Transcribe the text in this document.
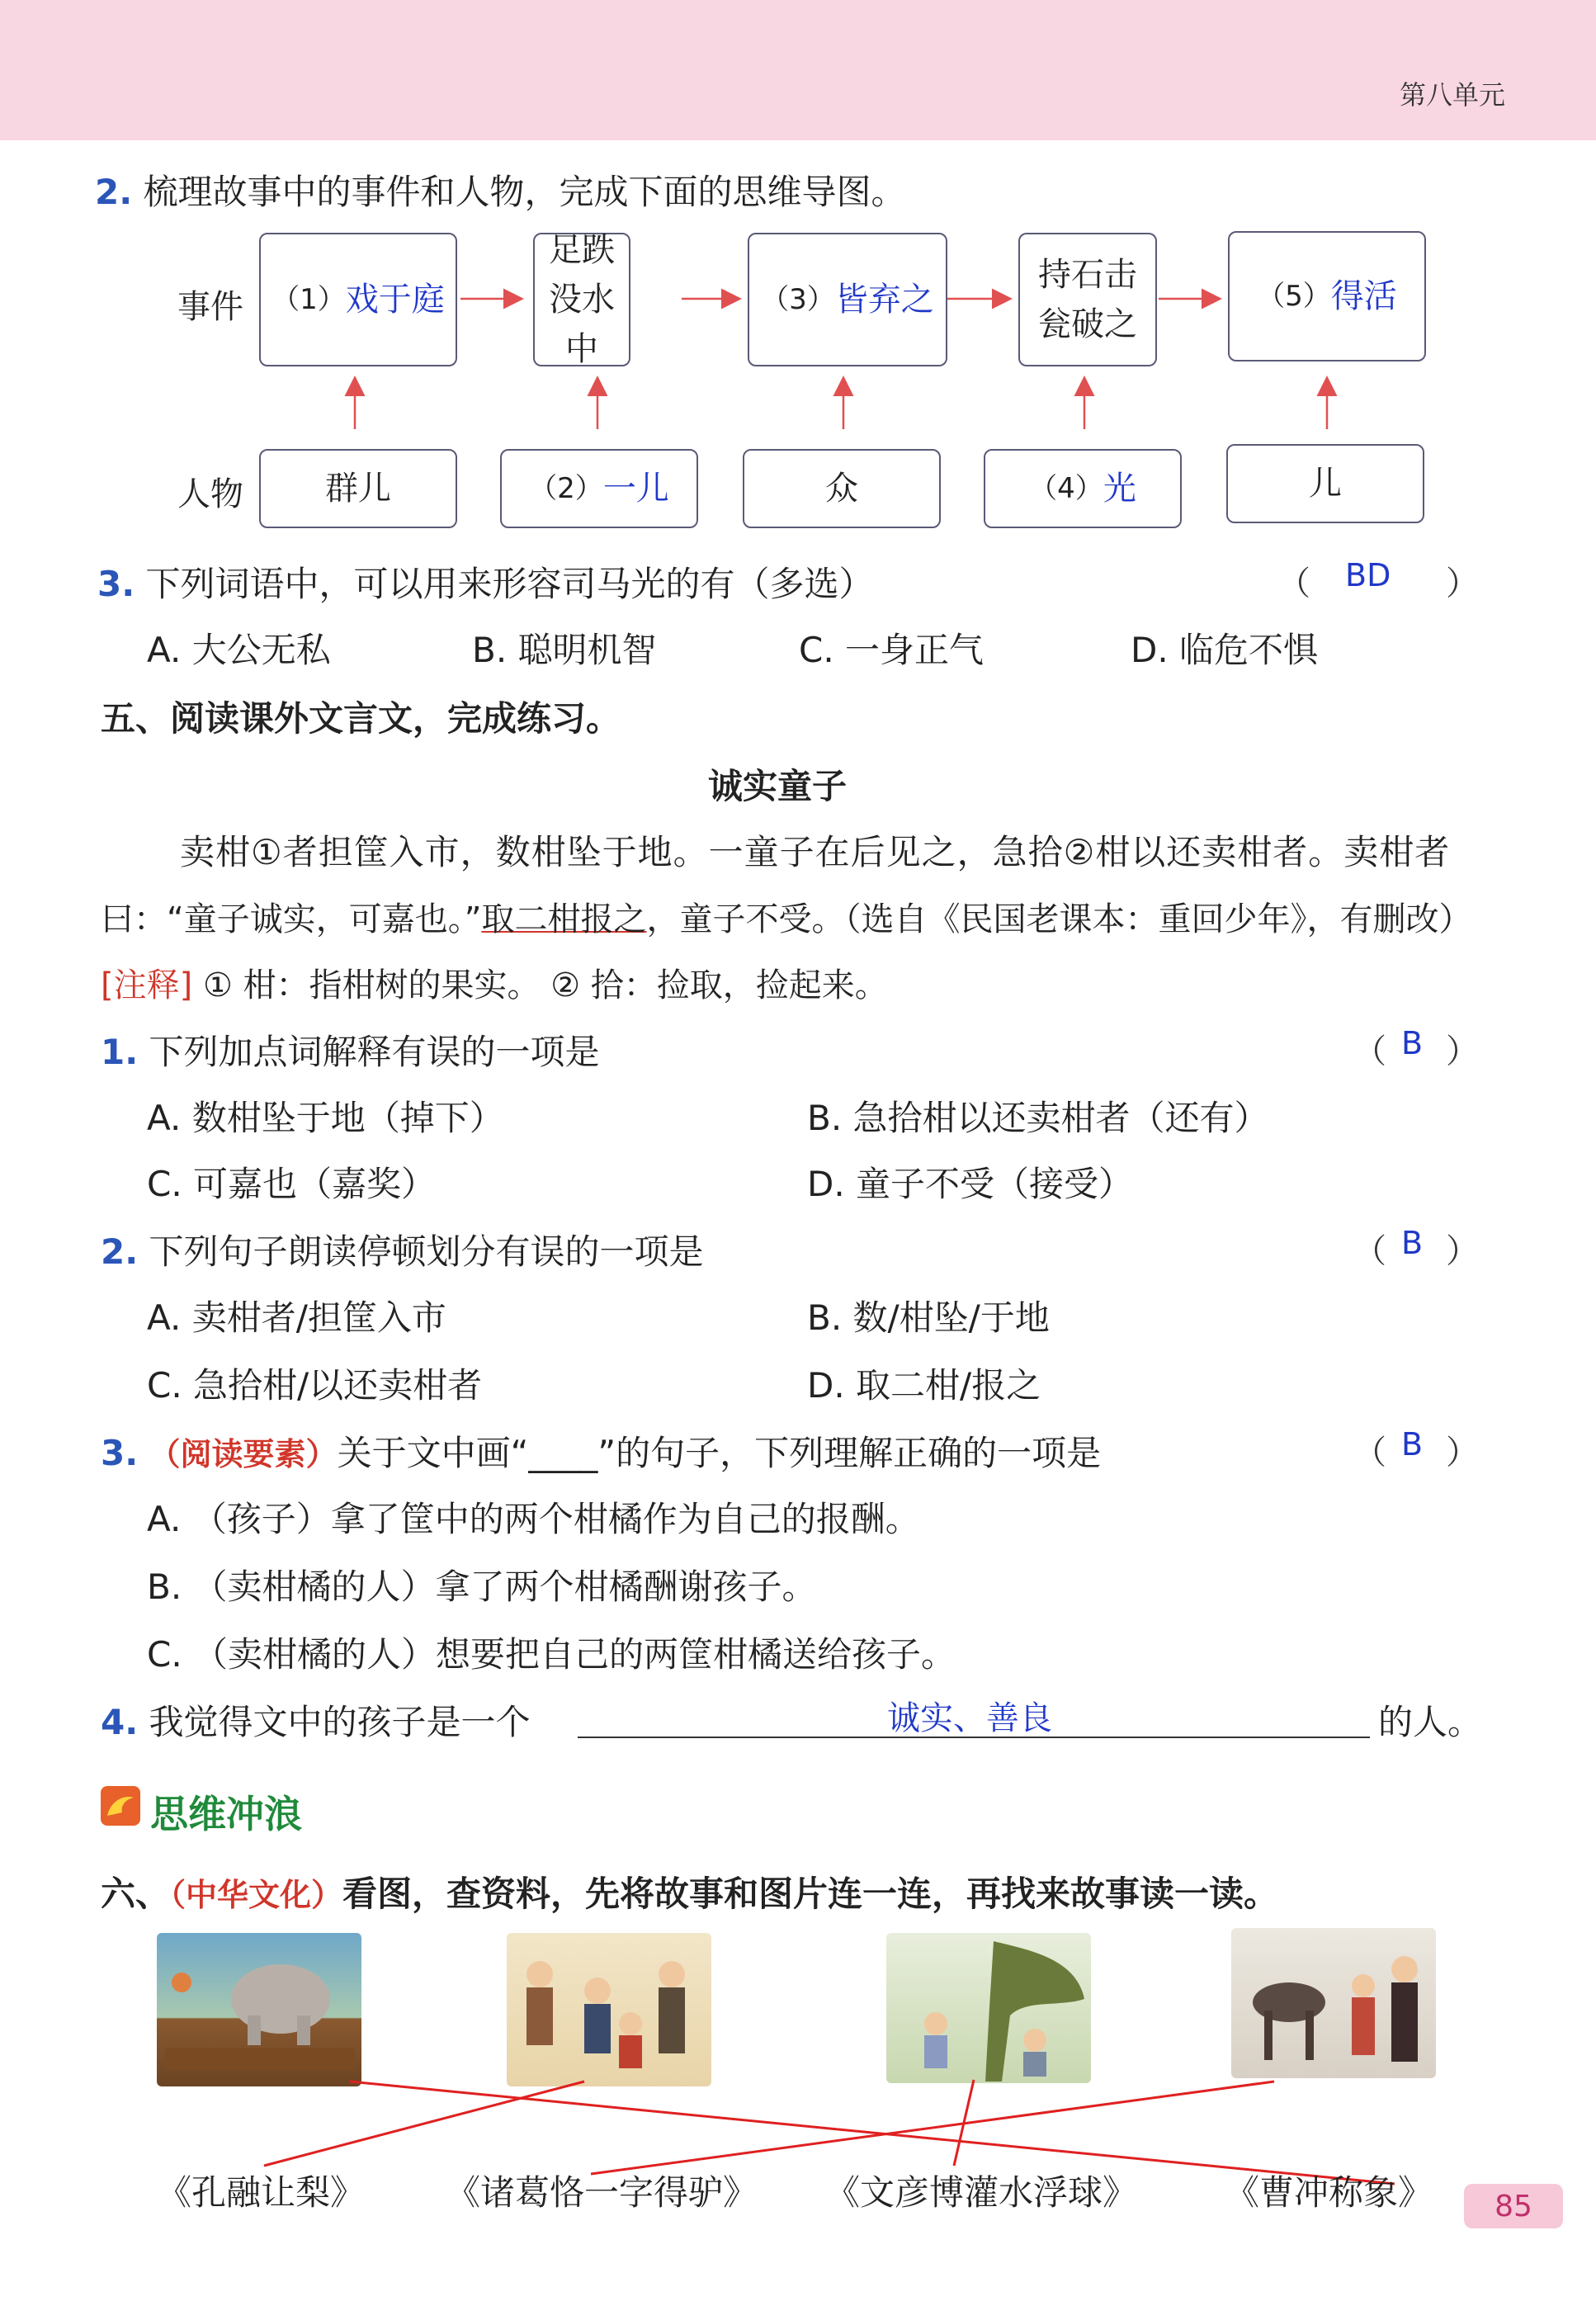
第八单元
2. 梳理故事中的事件和人物，完成下面的思维导图。
事件
人物
（1） 戏于庭
足跌
没水中
（3） 皆弃之
持石击
瓮破之
（5） 得活
群儿	（2） 一儿	众	（4） 光	儿
3. 下列词语中，可以用来形容司马光的有（多选）	（ BD ）
A. 大公无私	B. 聪明机智	C. 一身正气	D. 临危不惧
五、阅读课外文言文，完成练习。
诚实童子
卖柑①者担筐入市，数柑坠于地。一童子在后见之，急拾②柑以还卖柑者。卖柑者
曰：“童子诚实，可嘉也。”取二柑报之，童子不受。（选自《民国老课本：重回少年》，有删改）
[注释] ① 柑：指柑树的果实。 ② 拾：捡取，捡起来。
1. 下列加点词解释有误的一项是	（ B ）
A. 数柑坠于地（掉下）	B. 急拾柑以还卖柑者（还有）
C. 可嘉也（嘉奖）	D. 童子不受（接受）
2. 下列句子朗读停顿划分有误的一项是	（ B ）
A. 卖柑者/担筐入市	B. 数/柑坠/于地
C. 急拾柑/以还卖柑者	D. 取二柑/报之
3. （阅读要素）关于文中画“____”的句子，下列理解正确的一项是	（ B ）
A. （孩子）拿了筐中的两个柑橘作为自己的报酬。
B. （卖柑橘的人）拿了两个柑橘酬谢孩子。
C. （卖柑橘的人）想要把自己的两筐柑橘送给孩子。
4. 我觉得文中的孩子是一个	诚实、善良	的人。
思维冲浪
六、（中华文化）看图，查资料，先将故事和图片连一连，再找来故事读一读。
《孔融让梨》 《诸葛恪一字得驴》 《文彦博灌水浮球》	《曹冲称象》	85
